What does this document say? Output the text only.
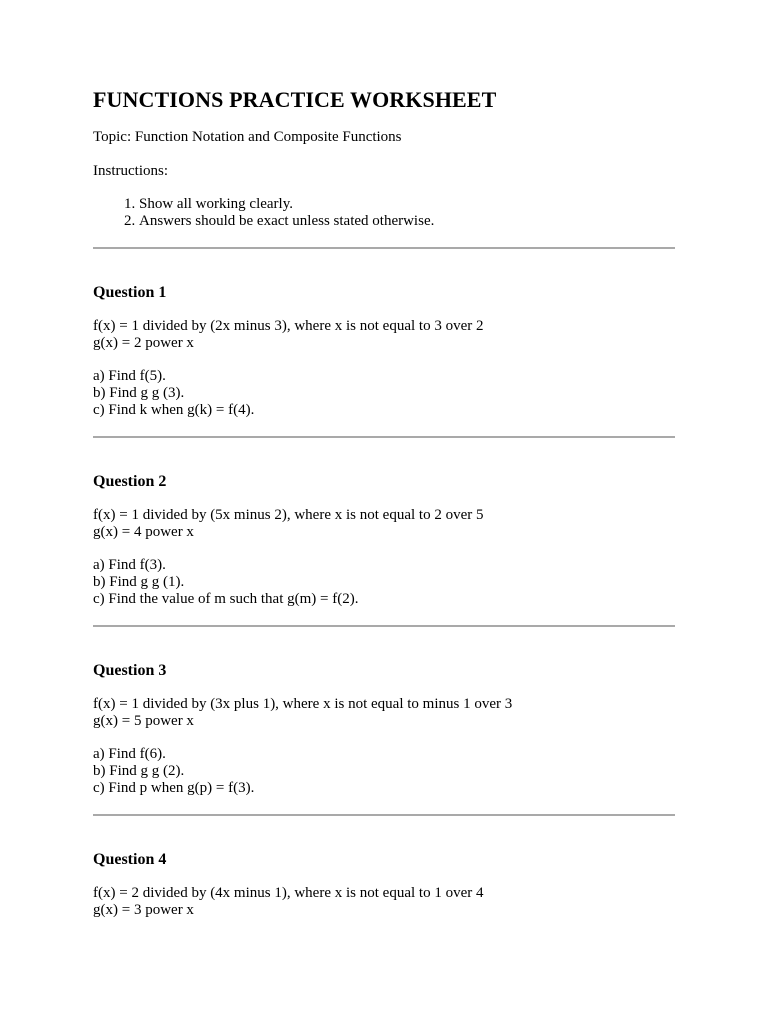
FUNCTIONS PRACTICE WORKSHEET

Topic: Function Notation and Composite Functions

Instructions:

1. Show all working clearly.
2. Answers should be exact unless stated otherwise.
Question 1
f(x) = 1 divided by (2x minus 3), where x is not equal to 3 over 2
g(x) = 2 power x
a) Find f(5).
b) Find g g (3).
c) Find k when g(k) = f(4).
Question 2
f(x) = 1 divided by (5x minus 2), where x is not equal to 2 over 5
g(x) = 4 power x
a) Find f(3).
b) Find g g (1).
c) Find the value of m such that g(m) = f(2).
Question 3
f(x) = 1 divided by (3x plus 1), where x is not equal to minus 1 over 3
g(x) = 5 power x
a) Find f(6).
b) Find g g (2).
c) Find p when g(p) = f(3).
Question 4
f(x) = 2 divided by (4x minus 1), where x is not equal to 1 over 4
g(x) = 3 power x
